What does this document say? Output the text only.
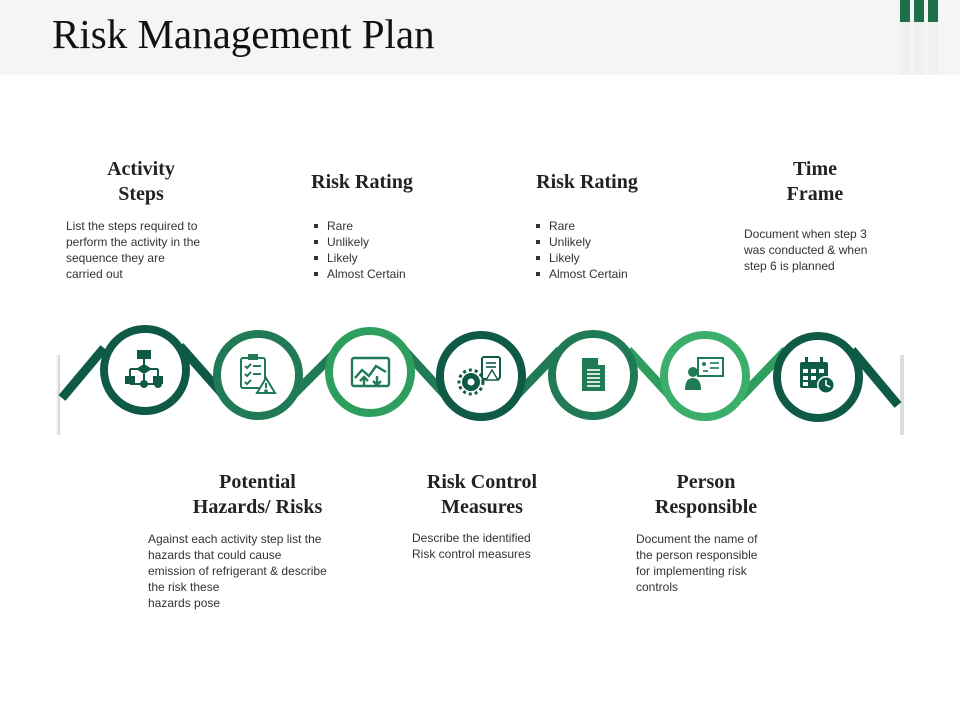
Risk Management Plan
Activity
Steps
List the steps required to
perform the activity in the
sequence they are
carried out
Risk Rating
Rare
Unlikely
Likely
Almost Certain
Risk Rating
Rare
Unlikely
Likely
Almost Certain
Time
Frame
Document when step 3
was conducted & when
step 6 is planned
Potential
Hazards/ Risks
Against each activity step list the
hazards that could cause
emission of refrigerant & describe
the risk these
hazards pose
Risk Control
Measures
Describe the identified
Risk control measures
Person
Responsible
Document the name of
the person responsible
for implementing risk
controls
